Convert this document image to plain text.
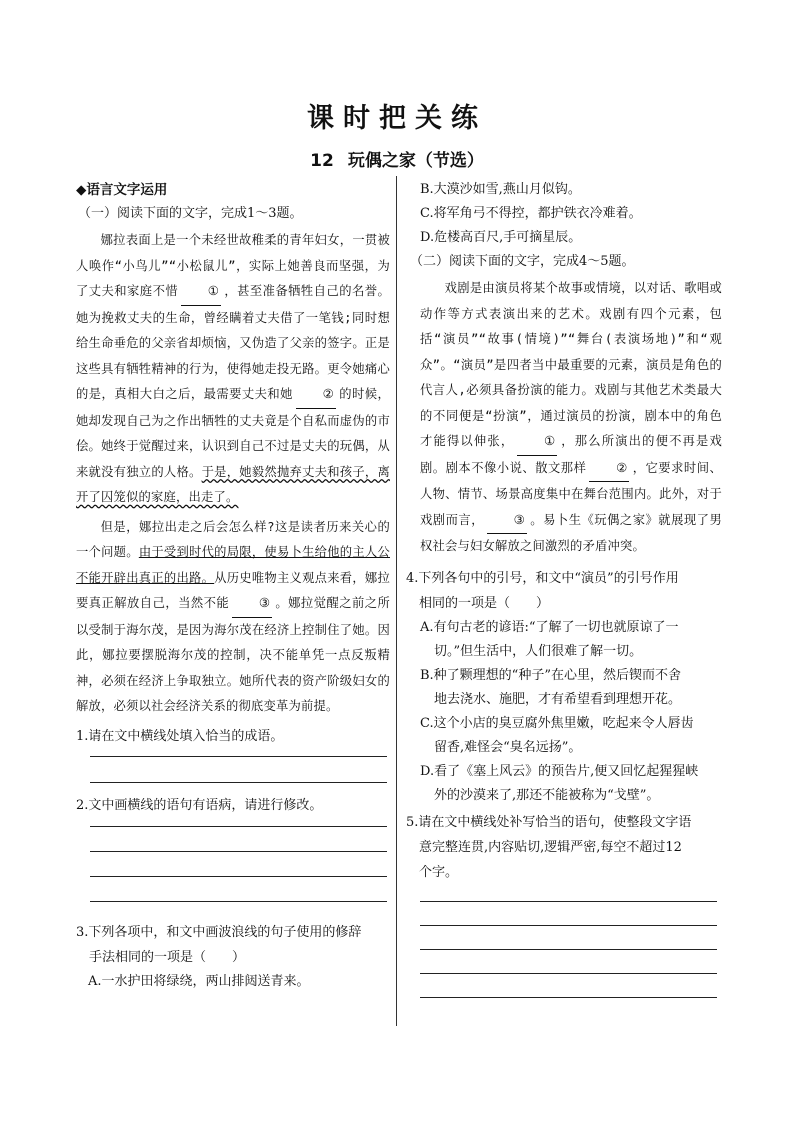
课时把关练
12 玩偶之家（节选）
◆语言文字运用
（一）阅读下面的文字，完成1～3题。

娜拉表面上是一个未经世故稚柔的青年妇女，一贯被人唤作“小鸟儿”“小松鼠儿”，实际上她善良而坚强，为了丈夫和家庭不惜 ① ，甚至准备牺牲自己的名誉。她为挽救丈夫的生命，曾经瞒着丈夫借了一笔钱;同时想给生命垂危的父亲省却烦恼，又伪造了父亲的签字。正是这些具有牺牲精神的行为，使得她走投无路。更令她痛心的是，真相大白之后，最需要丈夫和她 ② 的时候，她却发现自己为之作出牺牲的丈夫竟是个自私而虚伪的市侩。她终于觉醒过来，认识到自己不过是丈夫的玩偶，从来就没有独立的人格。于是，她毅然抛弃丈夫和孩子，离开了囚笼似的家庭，出走了。

但是，娜拉出走之后会怎么样?这是读者历来关心的一个问题。由于受到时代的局限，使易卜生给他的主人公不能开辟出真正的出路。从历史唯物主义观点来看，娜拉要真正解放自己，当然不能 ③ 。娜拉觉醒之前之所以受制于海尔茂，是因为海尔茂在经济上控制住了她。因此，娜拉要摆脱海尔茂的控制，决不能单凭一点反叛精神，必须在经济上争取独立。她所代表的资产阶级妇女的解放，必须以社会经济关系的彻底变革为前提。

1.请在文中横线处填入恰当的成语。
2.文中画横线的语句有语病，请进行修改。
3.下列各项中，和文中画波浪线的句子使用的修辞
手法相同的一项是（　　）
A.一水护田将绿绕，两山排闼送青来。
B.大漠沙如雪,燕山月似钩。
C.将军角弓不得控，都护铁衣冷难着。
D.危楼高百尺,手可摘星辰。
（二）阅读下面的文字，完成4～5题。

戏剧是由演员将某个故事或情境，以对话、歌唱或动作等方式表演出来的艺术。戏剧有四个元素，包括“演员”“故事(情境)”“舞台(表演场地)”和“观众”。“演员”是四者当中最重要的元素，演员是角色的代言人,必须具备扮演的能力。戏剧与其他艺术类最大的不同便是“扮演”，通过演员的扮演，剧本中的角色才能得以伸张， ① ，那么所演出的便不再是戏剧。剧本不像小说、散文那样 ② ，它要求时间、人物、情节、场景高度集中在舞台范围内。此外，对于戏剧而言， ③ 。易卜生《玩偶之家》就展现了男权社会与妇女解放之间激烈的矛盾冲突。

4.下列各句中的引号，和文中“演员”的引号作用
相同的一项是（　　）
A.有句古老的谚语:“了解了一切也就原谅了一
切。”但生活中，人们很难了解一切。
B.种了颗理想的“种子”在心里，然后锲而不舍
地去浇水、施肥，才有希望看到理想开花。
C.这个小店的臭豆腐外焦里嫩，吃起来令人唇齿
留香,难怪会“臭名远扬”。
D.看了《塞上风云》的预告片,便又回忆起猩猩峡
外的沙漠来了,那还不能被称为“戈壁”。
5.请在文中横线处补写恰当的语句，使整段文字语
意完整连贯,内容贴切,逻辑严密,每空不超过12
个字。
